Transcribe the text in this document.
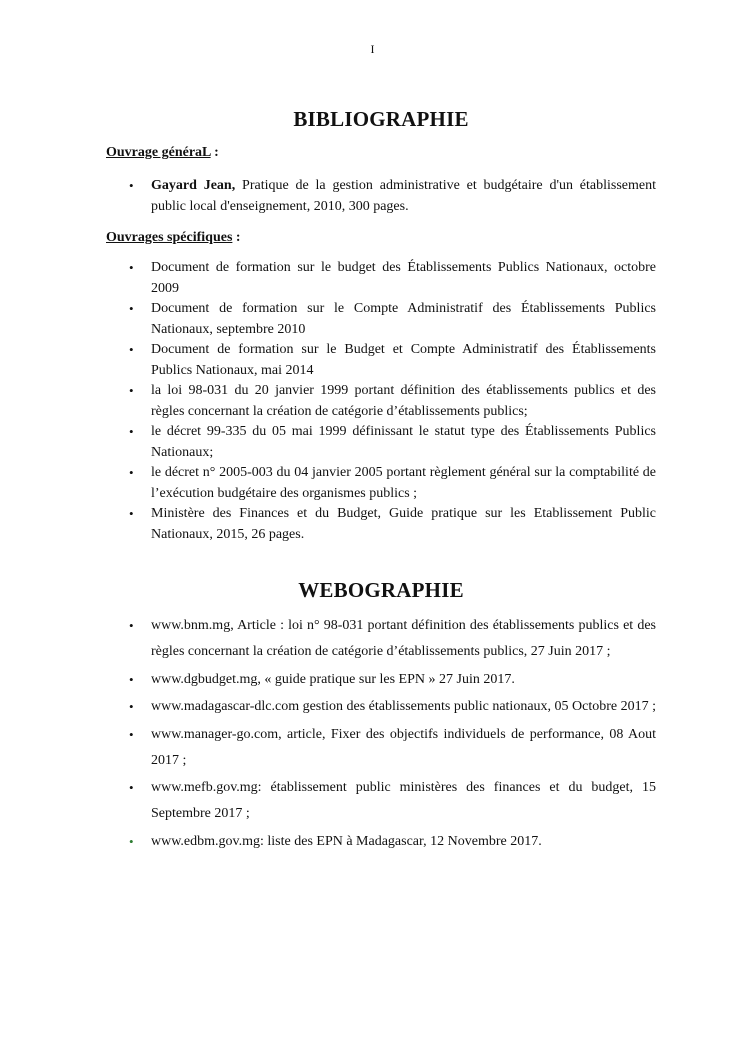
I
BIBLIOGRAPHIE

Ouvrage généraL :

• Gayard Jean, Pratique de la gestion administrative et budgétaire d'un établissement public local d'enseignement, 2010, 300 pages.

Ouvrages spécifiques :

• Document de formation sur le budget des Établissements Publics Nationaux, octobre 2009
• Document de formation sur le Compte Administratif des Établissements Publics Nationaux, septembre 2010
• Document de formation sur le Budget et Compte Administratif des Établissements Publics Nationaux, mai 2014
• la loi 98-031 du 20 janvier 1999 portant définition des établissements publics et des règles concernant la création de catégorie d’établissements publics;
• le décret 99-335 du 05 mai 1999 définissant le statut type des Établissements Publics Nationaux;
• le décret n° 2005-003 du 04 janvier 2005 portant règlement général sur la comptabilité de l’exécution budgétaire des organismes publics ;
• Ministère des Finances et du Budget, Guide pratique sur les Etablissement Public Nationaux, 2015, 26 pages.
WEBOGRAPHIE
• www.bnm.mg, Article : loi n° 98-031 portant définition des établissements publics et des règles concernant la création de catégorie d’établissements publics, 27 Juin 2017 ;
• www.dgbudget.mg, « guide pratique sur les EPN » 27 Juin 2017.
• www.madagascar-dlc.com gestion des établissements public nationaux, 05 Octobre 2017 ;
• www.manager-go.com, article, Fixer des objectifs individuels de performance, 08 Aout 2017 ;
• www.mefb.gov.mg: établissement public ministères des finances et du budget, 15 Septembre 2017 ;
• www.edbm.gov.mg: liste des EPN à Madagascar, 12 Novembre 2017.
